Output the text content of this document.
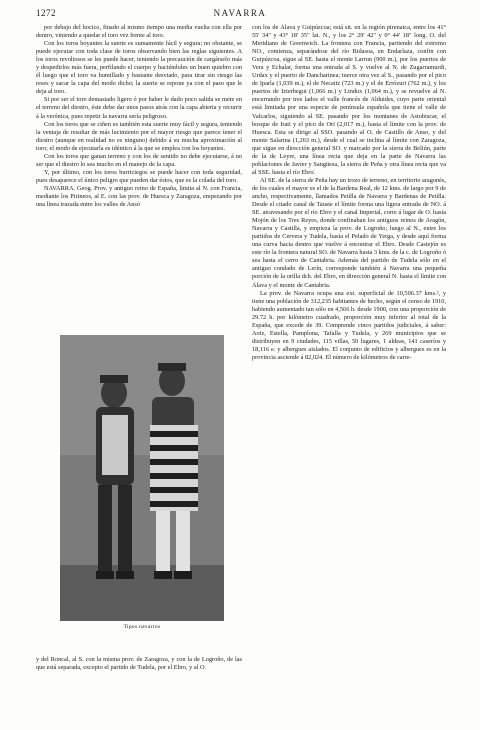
1272	NAVARRA

por debajo del hocico, finado al mismo tiempo una media vuelta con ella por dentro, viniendo a quedar el toro vez frente al toro.

Con los toros boyantes la suerte es sumamente fácil y segura; no obstante, se puede ejecutar con toda clase de toros observando bien las reglas siguientes. A los toros revoltosos se les puede hacer, teniendo la precaución de cargárselo más y despedirlos más fuera, perfilando el cuerpo y haciéndoles un buen quiebro con él luego que el toro va humillado y bastante desviado, para tirar sin riesgo las reses y sacar la capa del modo dicho; la suerte se repone ya con el paso que le deja al toro.

Si por ser el toro demasiado ligero ó por haber le dado poco salida se mete en el terreno del diestro, éste debe dar unos pasos atrás con la capa abierta y recurrir á la verónica, pues repetir la navarra sería peligroso.

Con los toros que se ciñen es también esta suerte muy fácil y segura, teniendo la ventaja de resultar de más lucimiento por el mayor riesgo que parece tener el diestro (aunque en realidad no es ninguno) debido á su mucha aproximación al toro; el modo de ejecutarla es idéntico á la que se emplea con los boyantes.

Con los toros que ganan terreno y con los de sentido no debe ejecutarse, á no ser que el diestro lo sea mucho en el manejo de la capa.

Y, por último, con los toros burriciegos se puede hacer con toda seguridad, pues desaparece el único peligro que pueden dar éstos, que es la colada del toro.

NAVARRA. Geog. Prov. y antiguo reino de España, limita al N. con Francia, mediante los Pirineos, al E. con las prov. de Huesca y Zaragoza, empezando por una línea trazada entre los valles de Ansó

Tipos navarros

y del Roncal, al S. con la misma prov. de Zaragoza, y con la de Logroño, de las que está separada, excepto el partido de Tudela, por el Ebro, y al O.

con los de Álava y Guipúzcoa; está sit. en la región pirenaica, entre los 41° 55' 34" y 43° 18' 35" lat. N., y los 2° 29' 42" y 0° 44' 18" long. O. del Meridiano de Greenwich. La frontera con Francia, partiendo del extremo NO., comienza, separándose del río Bidasoa, en Endarlaza, confin con Guipúzcoa, sigue al SE. hasta el monte Larrun (900 m.), por los puertos de Vera y Echalar, forma una entrada al S. y vuelve al N. de Zugarramurdi, Urdax y el puerto de Dancharinea; tuerce otra vez al S., pasando por el pico de Iparla (1,039 m.), el de Necaitz (723 m.) y el de Errózuri (762 m.), y los puertos de Izterbegui (1,066 m.) y Lindux (1,064 m.), y se revuelve al N. encerrando por tres lados el valle francés de Alduides, cuyo parte oriental está limitada por una especie de península española que tiene el valle de Valcarlos, siguiendo al SE. pasando por los montanes de Astobiscar, el bosque de Irati y el pico de Ori (2,017 m.), hasta el límite con la prov. de Huesca. Esta se dirige al SSO. pasando al O. de Castillo de Anso, y del monte Salarina (1,263 m.), desde el cual se inclina al límite con Zaragoza, que sigue en dirección general SO. y marcado por la sierra de Beliún, parte de la de Leyre, una línea recta que deja en la parte de Navarra las poblaciones de Javier y Sangüesa, la sierra de Peña y otra línea recta que va al SSE. hasta el río Ebro.

Al SE. de la sierra de Peña hay un trozo de terreno, en territorio aragonés, de los cuales el mayor es el de la Bardena Real, de 12 kms. de largo por 9 de ancho, respectivamente, llamados Petilla de Navarra y Bardenas de Petilla. Desde el citado canal de Tauste el límite forma una ligera entrada de NO. á SE. atravesando por el río Ebro y el canal Imperial, corre á lugar de O. hasta Mojón de los Tres Reyes, donde confinaban los antiguos reinos de Aragón, Navarra y Castilla, y empieza la prov. de Logroño; luego al N., entre los partidos de Cervera y Tudela, hasta el Pelado de Yerga, y desde aquí forma una curva hacia dentro que vuelve á encontrar el Ebro. Desde Castejón es este río la frontera natural SO. de Navarra hasta 3 kms. de la c. de Logroño ó sea hasta el cerro de Cantabria. Además del partido de Tudela sólo en el antiguo condado de Lerín, corresponde también á Navarra una pequeña porción de la orilla dch. del Ebro, en dirección general N. hasta el límite con Álava y el monte de Cantabria.

La prov. de Navarra ocupa una ext. superficial de 10,506.37 kms.², y tiene una población de 312,235 habitantes de hecho, según el censo de 1910, habiendo aumentado tan sólo en 4,566 h. desde 1900, con una proporción de 29.72 h. por kilómetro cuadrado, proporción muy inferior al total de la España, que excede de 39. Comprende cinco partidos judiciales, á saber: Aoiz, Estella, Pamplona, Tafalla y Tudela, y 269 municipios que se distribuyen en 9 ciudades, 115 villas, 50 lugares, 1 aldeas, 141 caseríos y 18,116 e. y albergues aislados. El conjunto de edificios y albergues es en la provincia asciende á 82,024. El número de kilómetros de carre-
